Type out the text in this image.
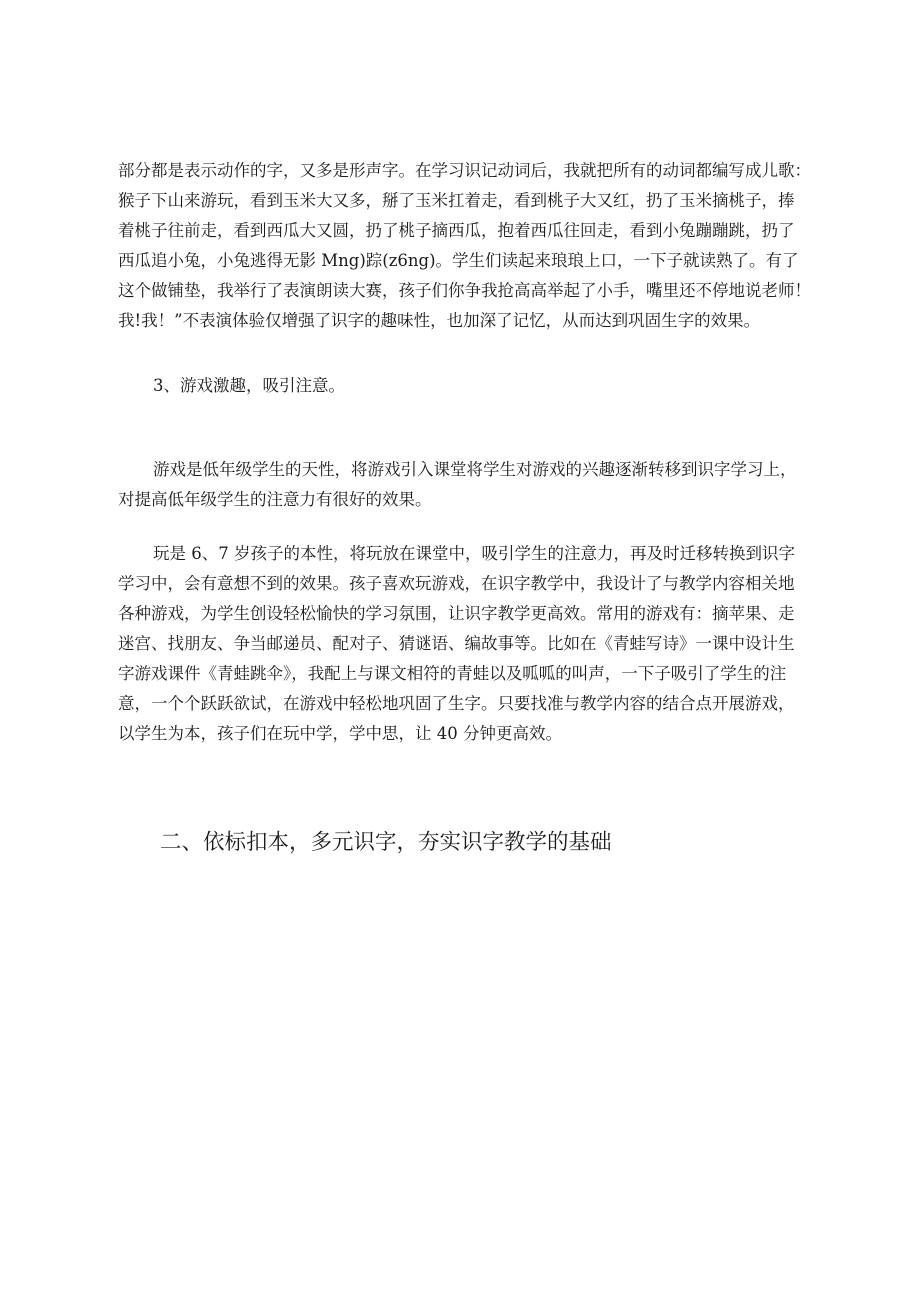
部分都是表示动作的字，又多是形声字。在学习识记动词后，我就把所有的动词都编写成儿歌：
猴子下山来游玩，看到玉米大又多，掰了玉米扛着走，看到桃子大又红，扔了玉米摘桃子，捧
着桃子往前走，看到西瓜大又圆，扔了桃子摘西瓜，抱着西瓜往回走，看到小兔蹦蹦跳，扔了
西瓜追小兔，小兔逃得无影 Mng)踪(z6ng)。学生们读起来琅琅上口，一下子就读熟了。有了
这个做铺垫，我举行了表演朗读大赛，孩子们你争我抢高高举起了小手，嘴里还不停地说老师！
我!我！”不表演体验仅增强了识字的趣味性，也加深了记忆，从而达到巩固生字的效果。

3、游戏激趣，吸引注意。

游戏是低年级学生的天性，将游戏引入课堂将学生对游戏的兴趣逐渐转移到识字学习上，
对提高低年级学生的注意力有很好的效果。

玩是 6、7 岁孩子的本性，将玩放在课堂中，吸引学生的注意力，再及时迁移转换到识字
学习中，会有意想不到的效果。孩子喜欢玩游戏，在识字教学中，我设计了与教学内容相关地
各种游戏，为学生创设轻松愉快的学习氛围，让识字教学更高效。常用的游戏有：摘苹果、走
迷宫、找朋友、争当邮递员、配对子、猜谜语、编故事等。比如在《青蛙写诗》一课中设计生
字游戏课件《青蛙跳伞》，我配上与课文相符的青蛙以及呱呱的叫声，一下子吸引了学生的注
意，一个个跃跃欲试，在游戏中轻松地巩固了生字。只要找准与教学内容的结合点开展游戏，
以学生为本，孩子们在玩中学，学中思，让 40 分钟更高效。

二、依标扣本，多元识字，夯实识字教学的基础
